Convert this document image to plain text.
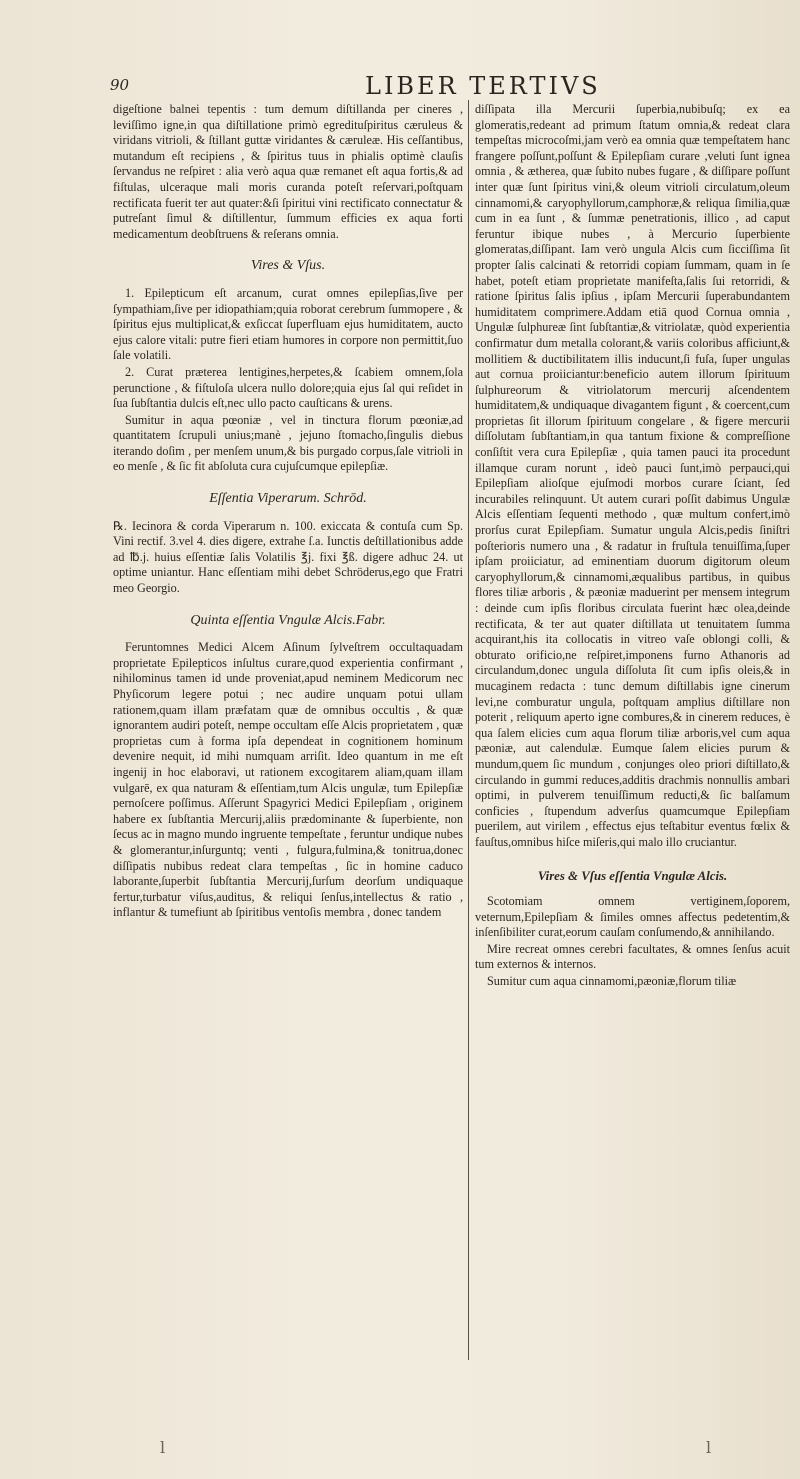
90	LIBER TERTIVS

digeſtione balnei tepentis : tum demum diſtillanda per cineres , leviſſimo igne,in qua diſtillatione primò egredituſpiritus cæruleus & viridans vitrioli, & ſtillant guttæ viridantes & cæruleæ. His ceſſantibus, mutandum eſt recipiens , & ſpiritus tuus in phialis optimè clauſis ſervandus ne reſpiret : alia verò aqua quæ remanet eſt aqua fortis,& ad fiſtulas, ulceraque mali moris curanda poteſt reſervari,poſtquam rectificata fuerit ter aut quater:&ſi ſpiritui vini rectificato connectatur & putreſant ſimul & diſtillentur, ſummum efficies ex aqua forti medicamentum deobſtruens & reſerans omnia.

Vires & Vſus.

1. Epilepticum eſt arcanum, curat omnes epilepſias,ſive per ſympathiam,ſive per idiopathiam;quia roborat cerebrum ſummopere , & ſpiritus ejus multiplicat,& exſiccat ſuperfluam ejus humiditatem, aucto ejus calore vitali: putre fieri etiam humores in corpore non permittit,ſuo ſale volatili.

2. Curat præterea lentigines,herpetes,& ſcabiem omnem,ſola perunctione , & fiſtuloſa ulcera nullo dolore;quia ejus ſal qui reſidet in ſua ſubſtantia dulcis eſt,nec ullo pacto cauſticans & urens.

Sumitur in aqua pœoniæ , vel in tinctura florum pœoniæ,ad quantitatem ſcrupuli unius;manè , jejuno ſtomacho,ſingulis diebus iterando doſim , per menſem unum,& bis purgado corpus,ſale vitrioli in eo menſe , & ſic fit abſoluta cura cujuſcumque epilepſiæ.

Eſſentia Viperarum. Schrōd.

℞. Iecinora & corda Viperarum n. 100. exiccata & contuſa cum Sp. Vini rectif. 3.vel 4. dies digere, extrahe ſ.a. Iunctis deſtillationibus adde ad ℔.j. huius eſſentiæ ſalis Volatilis ℥j. fixi ℥ß. digere adhuc 24. ut optime uniantur. Hanc eſſentiam mihi debet Schröderus,ego que Fratri meo Georgio.

Quinta eſſentia Vngulæ Alcis.Fabr.

Feruntomnes Medici Alcem Aſinum ſylveſtrem occultaquadam proprietate Epilepticos inſultus curare,quod experientia confirmant , nihilominus tamen id unde proveniat,apud neminem Medicorum nec Phyſicorum legere potui ; nec audire unquam potui ullam rationem,quam illam præfatam quæ de omnibus occultis , & quæ ignorantem audiri poteſt, nempe occultam eſſe Alcis proprietatem , quæ proprietas cum à forma ipſa dependeat in cognitionem hominum devenire nequit, id mihi numquam arriſit. Ideo quantum in me eſt ingenij in hoc elaboravi, ut rationem excogitarem aliam,quam illam vulgarē, ex qua naturam & eſſentiam,tum Alcis ungulæ, tum Epilepſiæ pernoſcere poſſimus. Aſſerunt Spagyrici Medici Epilepſiam , originem habere ex ſubſtantia Mercurij,aliis prædominante & ſuperbiente, non ſecus ac in magno mundo ingruente tempeſtate , feruntur undique nubes & glomerantur,inſurguntq; venti , fulgura,fulmina,& tonitrua,donec diſſipatis nubibus redeat clara tempeſtas , ſic in homine caduco laborante,ſuperbit ſubſtantia Mercurij,ſurſum deorſum undiquaque fertur,turbatur viſus,auditus, & reliqui ſenſus,intellectus & ratio , inflantur & tumefiunt ab ſpiritibus ventoſis membra , donec tandem

diſſipata illa Mercurii ſuperbia,nubibuſq; ex ea glomeratis,redeant ad primum ſtatum omnia,& redeat clara tempeſtas microcoſmi,jam verò ea omnia quæ tempeſtatem hanc frangere poſſunt,poſſunt & Epilepſiam curare ,veluti ſunt ignea omnia , & ætherea, quæ ſubito nubes fugare , & diſſipare poſſunt inter quæ ſunt ſpiritus vini,& oleum vitrioli circulatum,oleum cinnamomi,& caryophyllorum,camphoræ,& reliqua ſimilia,quæ cum in ea ſunt , & ſummæ penetrationis, illico , ad caput feruntur ibique nubes , à Mercurio ſuperbiente glomeratas,diſſipant. Iam verò ungula Alcis cum ſicciſſima ſit propter ſalis calcinati & retorridi copiam ſummam, quam in ſe habet, poteſt etiam proprietate manifeſta,ſalis ſui retorridi, & ratione ſpiritus ſalis ipſius , ipſam Mercurii ſuperabundantem humiditatem comprimere.Addam etiā quod Cornua omnia , Ungulæ ſulphureæ ſint ſubſtantiæ,& vitriolatæ, quòd experientia confirmatur dum metalla colorant,& variis coloribus afficiunt,& mollitiem & ductibilitatem illis inducunt,ſi fuſa, ſuper ungulas aut cornua proiiciantur:beneficio autem illorum ſpirituum ſulphureorum & vitriolatorum mercurij aſcendentem humiditatem,& undiquaque divagantem figunt , & coercent,cum proprietas ſit illorum ſpirituum congelare , & figere mercurii diſſolutam ſubſtantiam,in qua tantum fixione & compreſſione conſiſtit vera cura Epilepſiæ , quia tamen pauci ita procedunt illamque curam norunt , ideò pauci ſunt,imò perpauci,qui Epilepſiam alioſque ejuſmodi morbos curare ſciant, ſed incurabiles relinquunt. Ut autem curari poſſit dabimus Ungulæ Alcis eſſentiam ſequenti methodo , quæ multum confert,imò prorſus curat Epilepſiam. Sumatur ungula Alcis,pedis ſiniſtri poſterioris numero una , & radatur in fruſtula tenuiſſima,ſuper ipſam proiiciatur, ad eminentiam duorum digitorum oleum caryophyllorum,& cinnamomi,æqualibus partibus, in quibus flores tiliæ arboris , & pæoniæ maduerint per mensem integrum : deinde cum ipſis floribus circulata fuerint hæc olea,deinde rectificata, & ter aut quater diſtillata ut tenuitatem ſumma acquirant,his ita collocatis in vitreo vaſe oblongi colli, & obturato orificio,ne reſpiret,imponens furno Athanoris ad circulandum,donec ungula diſſoluta ſit cum ipſis oleis,& in mucaginem redacta : tunc demum diſtillabis igne cinerum levi,ne comburatur ungula, poſtquam amplius diſtillare non poterit , reliquum aperto igne combures,& in cinerem reduces, è qua ſalem elicies cum aqua florum tiliæ arboris,vel cum aqua pæoniæ, aut calendulæ. Eumque ſalem elicies purum & mundum,quem ſic mundum , conjunges oleo priori diſtillato,& circulando in gummi reduces,additis drachmis nonnullis ambari optimi, in pulverem tenuiſſimum reducti,& ſic balſamum conficies , ſtupendum adverſus quamcumque Epilepſiam puerilem, aut virilem , effectus ejus teſtabitur eventus fœlix & fauſtus,omnibus hiſce miſeris,qui malo illo cruciantur.

Vires & Vſus eſſentia Vngulæ Alcis.

Scotomiam omnem vertiginem,ſoporem, veternum,Epilepſiam & ſimiles omnes affectus pedetentim,& inſenſibiliter curat,eorum cauſam conſumendo,& annihilando.

Mire recreat omnes cerebri facultates, & omnes ſenſus acuit tum externos & internos.

Sumitur cum aqua cinnamomi,pæoniæ,florum tiliæ

ⅼ	ⅼ
